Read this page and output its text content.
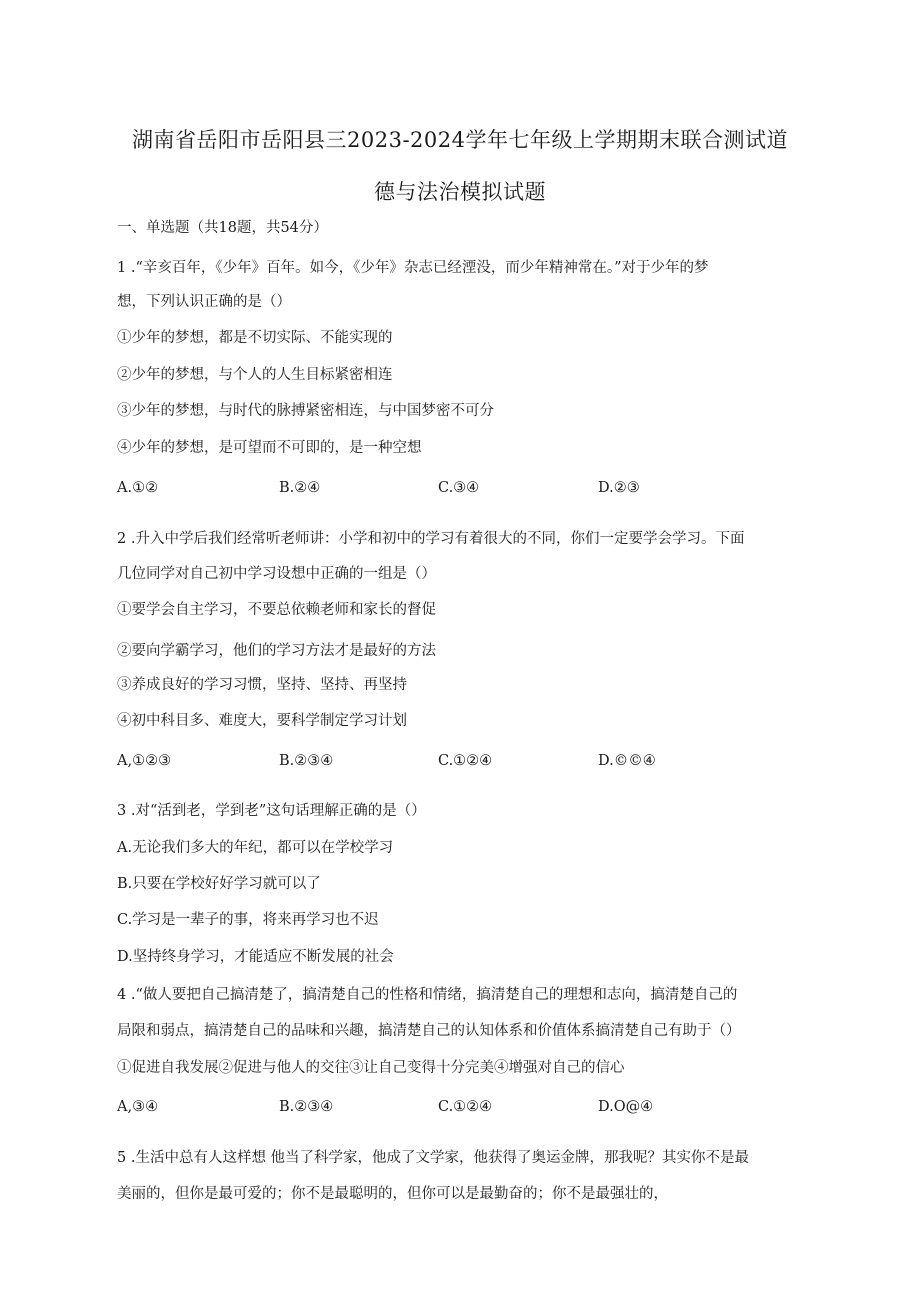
湖南省岳阳市岳阳县三2023-2024学年七年级上学期期末联合测试道
德与法治模拟试题
一、单选题（共18题，共54分）
1 .“辛亥百年，《少年》百年。如今，《少年》杂志已经湮没，而少年精神常在。”对于少年的梦
想，下列认识正确的是（）
①少年的梦想，都是不切实际、不能实现的
②少年的梦想，与个人的人生目标紧密相连
③少年的梦想，与时代的脉搏紧密相连，与中国梦密不可分
④少年的梦想，是可望而不可即的，是一种空想
A.①②	B.②④	C.③④	D.②③
2 .升入中学后我们经常听老师讲：小学和初中的学习有着很大的不同，你们一定要学会学习。下面
几位同学对自己初中学习设想中正确的一组是（）
①要学会自主学习，不要总依赖老师和家长的督促
②要向学霸学习，他们的学习方法才是最好的方法
③养成良好的学习习惯，坚持、坚持、再坚持
④初中科目多、难度大，要科学制定学习计划
A,①②③	B.②③④	C.①②④	D.©©④
3 .对“活到老，学到老”这句话理解正确的是（）
A.无论我们多大的年纪，都可以在学校学习
B.只要在学校好好学习就可以了
C.学习是一辈子的事，将来再学习也不迟
D.坚持终身学习，才能适应不断发展的社会
4 .“做人要把自己搞清楚了，搞清楚自己的性格和情绪，搞清楚自己的理想和志向，搞清楚自己的
局限和弱点，搞清楚自己的品味和兴趣，搞清楚自己的认知体系和价值体系搞清楚自己有助于（）
①促进自我发展②促进与他人的交往③让自己变得十分完美④增强对自己的信心
A,③④	B.②③④	C.①②④	D.O@④
5 .生活中总有人这样想 他当了科学家，他成了文学家，他获得了奥运金牌，那我呢？其实你不是最
美丽的，但你是最可爱的；你不是最聪明的，但你可以是最勤奋的；你不是最强壮的，
